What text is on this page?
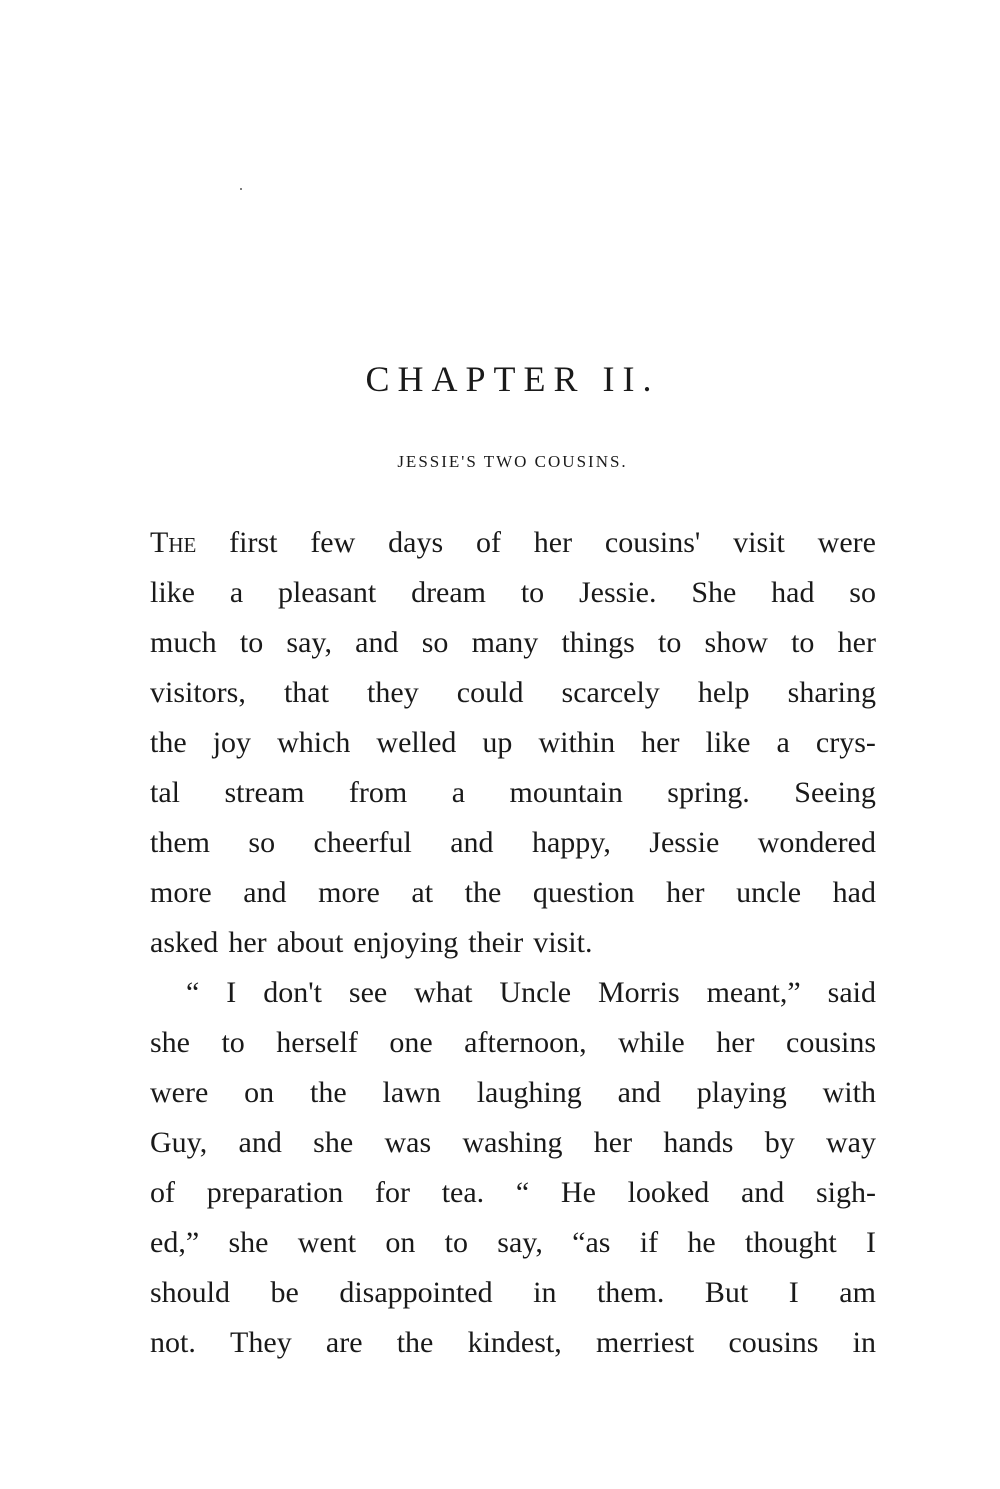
CHAPTER II.
JESSIE'S TWO COUSINS.
The first few days of her cousins' visit were
like a pleasant dream to Jessie. She had so
much to say, and so many things to show to her
visitors, that they could scarcely help sharing
the joy which welled up within her like a crys-
tal stream from a mountain spring. Seeing
them so cheerful and happy, Jessie wondered
more and more at the question her uncle had
asked her about enjoying their visit.
“ I don't see what Uncle Morris meant,” said
she to herself one afternoon, while her cousins
were on the lawn laughing and playing with
Guy, and she was washing her hands by way
of preparation for tea. “ He looked and sigh-
ed,” she went on to say, “as if he thought I
should be disappointed in them. But I am
not. They are the kindest, merriest cousins in
